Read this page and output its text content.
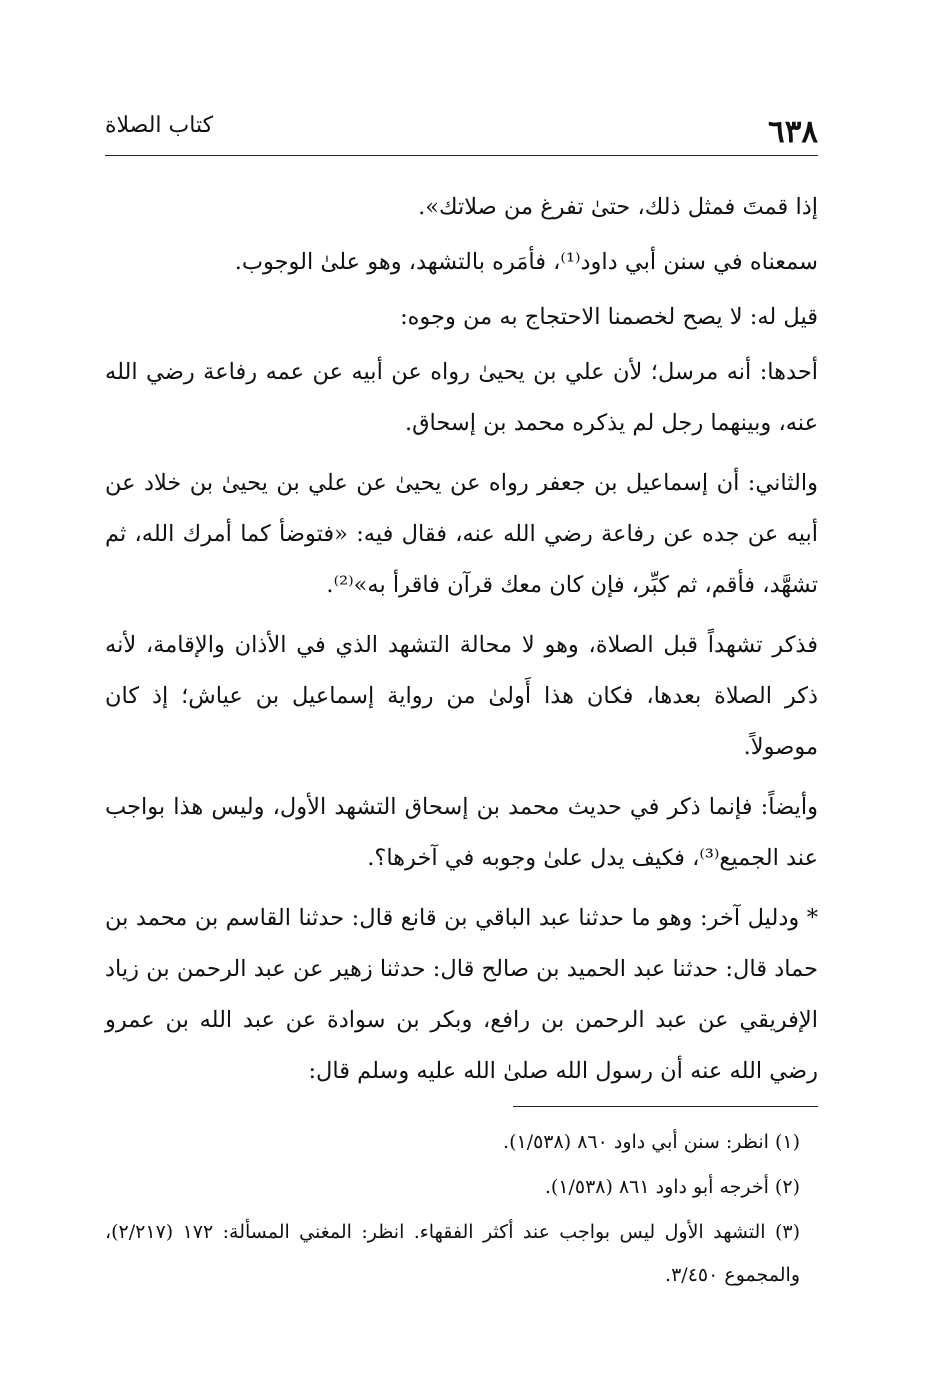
٦٣٨
كتاب الصلاة

إذا قمتَ فمثل ذلك، حتىٰ تفرغ من صلاتك».

سمعناه في سنن أبي داود⁽¹⁾، فأمَره بالتشهد، وهو علىٰ الوجوب.

قيل له: لا يصح لخصمنا الاحتجاج به من وجوه:

أحدها: أنه مرسل؛ لأن علي بن يحيىٰ رواه عن أبيه عن عمه رفاعة رضي الله عنه، وبينهما رجل لم يذكره محمد بن إسحاق.

والثاني: أن إسماعيل بن جعفر رواه عن يحيىٰ عن علي بن يحيىٰ بن خلاد عن أبيه عن جده عن رفاعة رضي الله عنه، فقال فيه: «فتوضأ كما أمرك الله، ثم تشهَّد، فأقم، ثم كبِّر، فإن كان معك قرآن فاقرأ به»⁽²⁾.

فذكر تشهداً قبل الصلاة، وهو لا محالة التشهد الذي في الأذان والإقامة، لأنه ذكر الصلاة بعدها، فكان هذا أَولىٰ من رواية إسماعيل بن عياش؛ إذ كان موصولاً.

وأيضاً: فإنما ذكر في حديث محمد بن إسحاق التشهد الأول، وليس هذا بواجب عند الجميع⁽³⁾، فكيف يدل علىٰ وجوبه في آخرها؟.

* ودليل آخر: وهو ما حدثنا عبد الباقي بن قانع قال: حدثنا القاسم بن محمد بن حماد قال: حدثنا عبد الحميد بن صالح قال: حدثنا زهير عن عبد الرحمن بن زياد الإفريقي عن عبد الرحمن بن رافع، وبكر بن سوادة عن عبد الله بن عمرو رضي الله عنه أن رسول الله صلىٰ الله عليه وسلم قال:

(١) انظر: سنن أبي داود ٨٦٠ (١/٥٣٨).

(٢) أخرجه أبو داود ٨٦١ (١/٥٣٨).

(٣) التشهد الأول ليس بواجب عند أكثر الفقهاء. انظر: المغني المسألة: ١٧٢ (٢/٢١٧)، والمجموع ٣/٤٥٠.
